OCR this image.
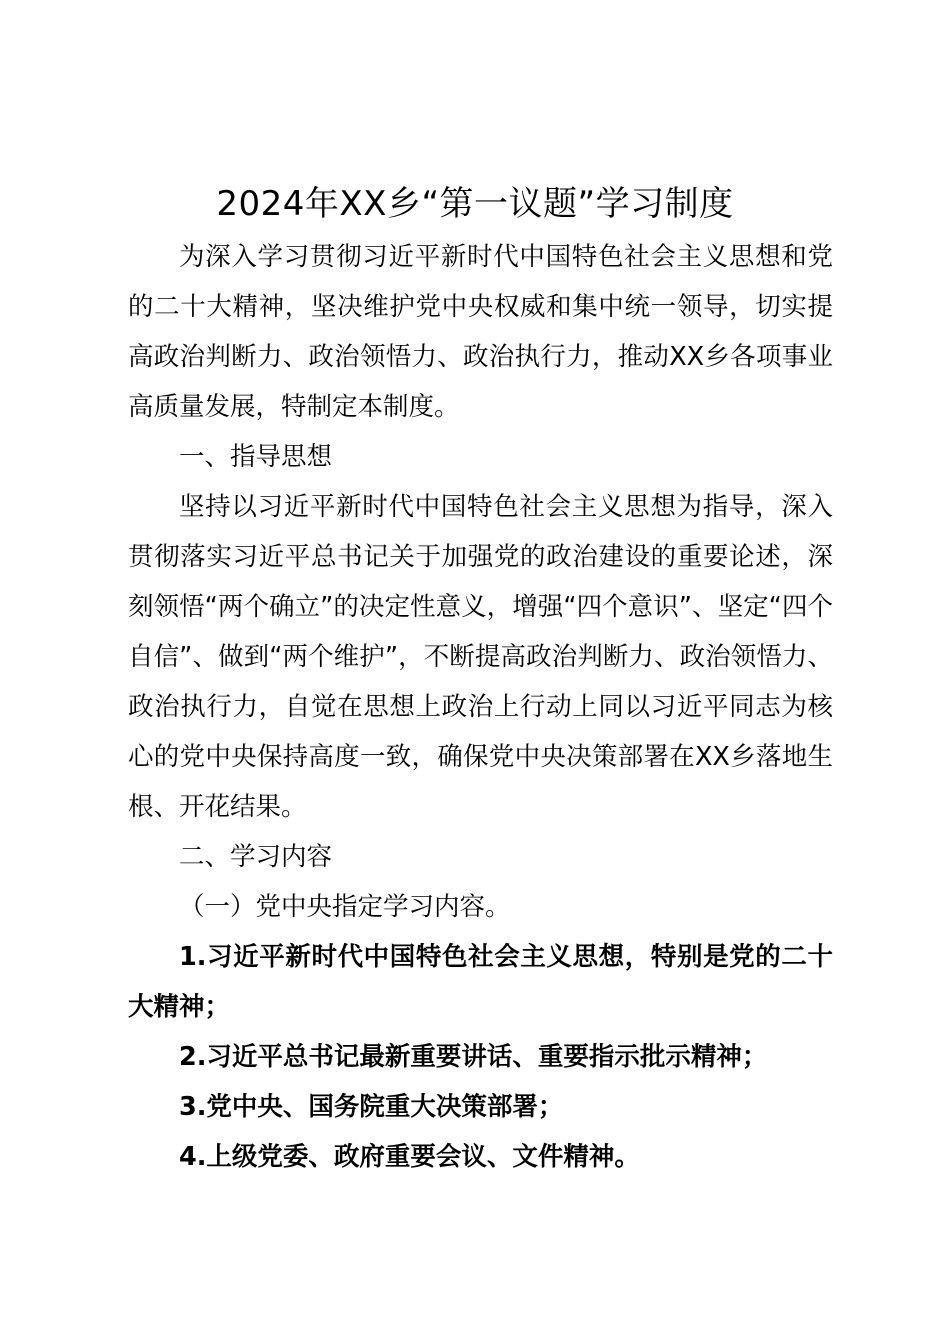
2024年XX乡“第一议题”学习制度

为深入学习贯彻习近平新时代中国特色社会主义思想和党的二十大精神，坚决维护党中央权威和集中统一领导，切实提高政治判断力、政治领悟力、政治执行力，推动XX乡各项事业高质量发展，特制定本制度。

一、指导思想

坚持以习近平新时代中国特色社会主义思想为指导，深入贯彻落实习近平总书记关于加强党的政治建设的重要论述，深刻领悟“两个确立”的决定性意义，增强“四个意识”、坚定“四个自信”、做到“两个维护”，不断提高政治判断力、政治领悟力、政治执行力，自觉在思想上政治上行动上同以习近平同志为核心的党中央保持高度一致，确保党中央决策部署在XX乡落地生根、开花结果。

二、学习内容

（一）党中央指定学习内容。

1.习近平新时代中国特色社会主义思想，特别是党的二十大精神；

2.习近平总书记最新重要讲话、重要指示批示精神；

3.党中央、国务院重大决策部署；

4.上级党委、政府重要会议、文件精神。
